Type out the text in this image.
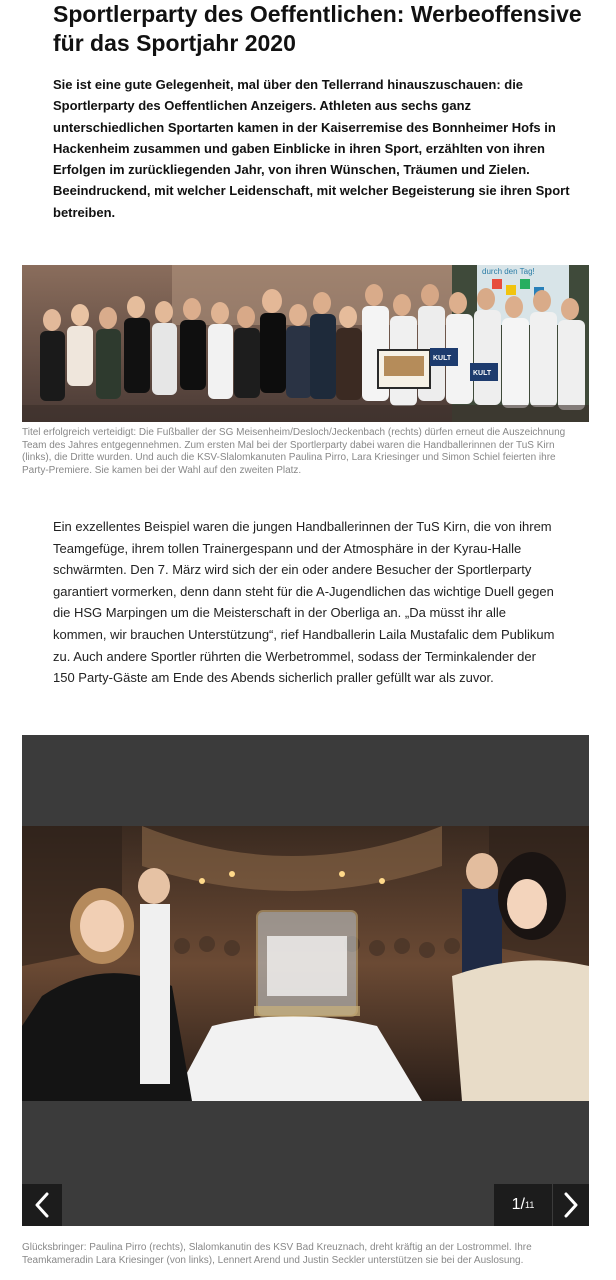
Sportlerparty des Oeffentlichen: Werbeoffensive für das Sportjahr 2020

Sie ist eine gute Gelegenheit, mal über den Tellerrand hinauszuschauen: die Sportlerparty des Oeffentlichen Anzeigers. Athleten aus sechs ganz unterschiedlichen Sportarten kamen in der Kaiserremise des Bonnheimer Hofs in Hackenheim zusammen und gaben Einblicke in ihren Sport, erzählten von ihren Erfolgen im zurückliegenden Jahr, von ihren Wünschen, Träumen und Zielen. Beeindruckend, mit welcher Leidenschaft, mit welcher Begeisterung sie ihren Sport betreiben.

durch den Tag!
KULT
KULT

Titel erfolgreich verteidigt: Die Fußballer der SG Meisenheim/Desloch/Jeckenbach (rechts) dürfen erneut die Auszeichnung Team des Jahres entgegennehmen. Zum ersten Mal bei der Sportlerparty dabei waren die Handballerinnen der TuS Kirn (links), die Dritte wurden. Und auch die KSV-Slalomkanuten Paulina Pirro, Lara Kriesinger und Simon Schiel feierten ihre Party-Premiere. Sie kamen bei der Wahl auf den zweiten Platz.

Ein exzellentes Beispiel waren die jungen Handballerinnen der TuS Kirn, die von ihrem Teamgefüge, ihrem tollen Trainergespann und der Atmosphäre in der Kyrau-Halle schwärmten. Den 7. März wird sich der ein oder andere Besucher der Sportlerparty garantiert vormerken, denn dann steht für die A-Jugendlichen das wichtige Duell gegen die HSG Marpingen um die Meisterschaft in der Oberliga an. „Da müsst ihr alle kommen, wir brauchen Unterstützung“, rief Handballerin Laila Mustafalic dem Publikum zu. Auch andere Sportler rührten die Werbetrommel, sodass der Terminkalender der 150 Party-Gäste am Ende des Abends sicherlich praller gefüllt war als zuvor.

1 / 11

Glücksbringer: Paulina Pirro (rechts), Slalomkanutin des KSV Bad Kreuznach, dreht kräftig an der Lostrommel. Ihre Teamkameradin Lara Kriesinger (von links), Lennert Arend und Justin Seckler unterstützen sie bei der Auslosung.
